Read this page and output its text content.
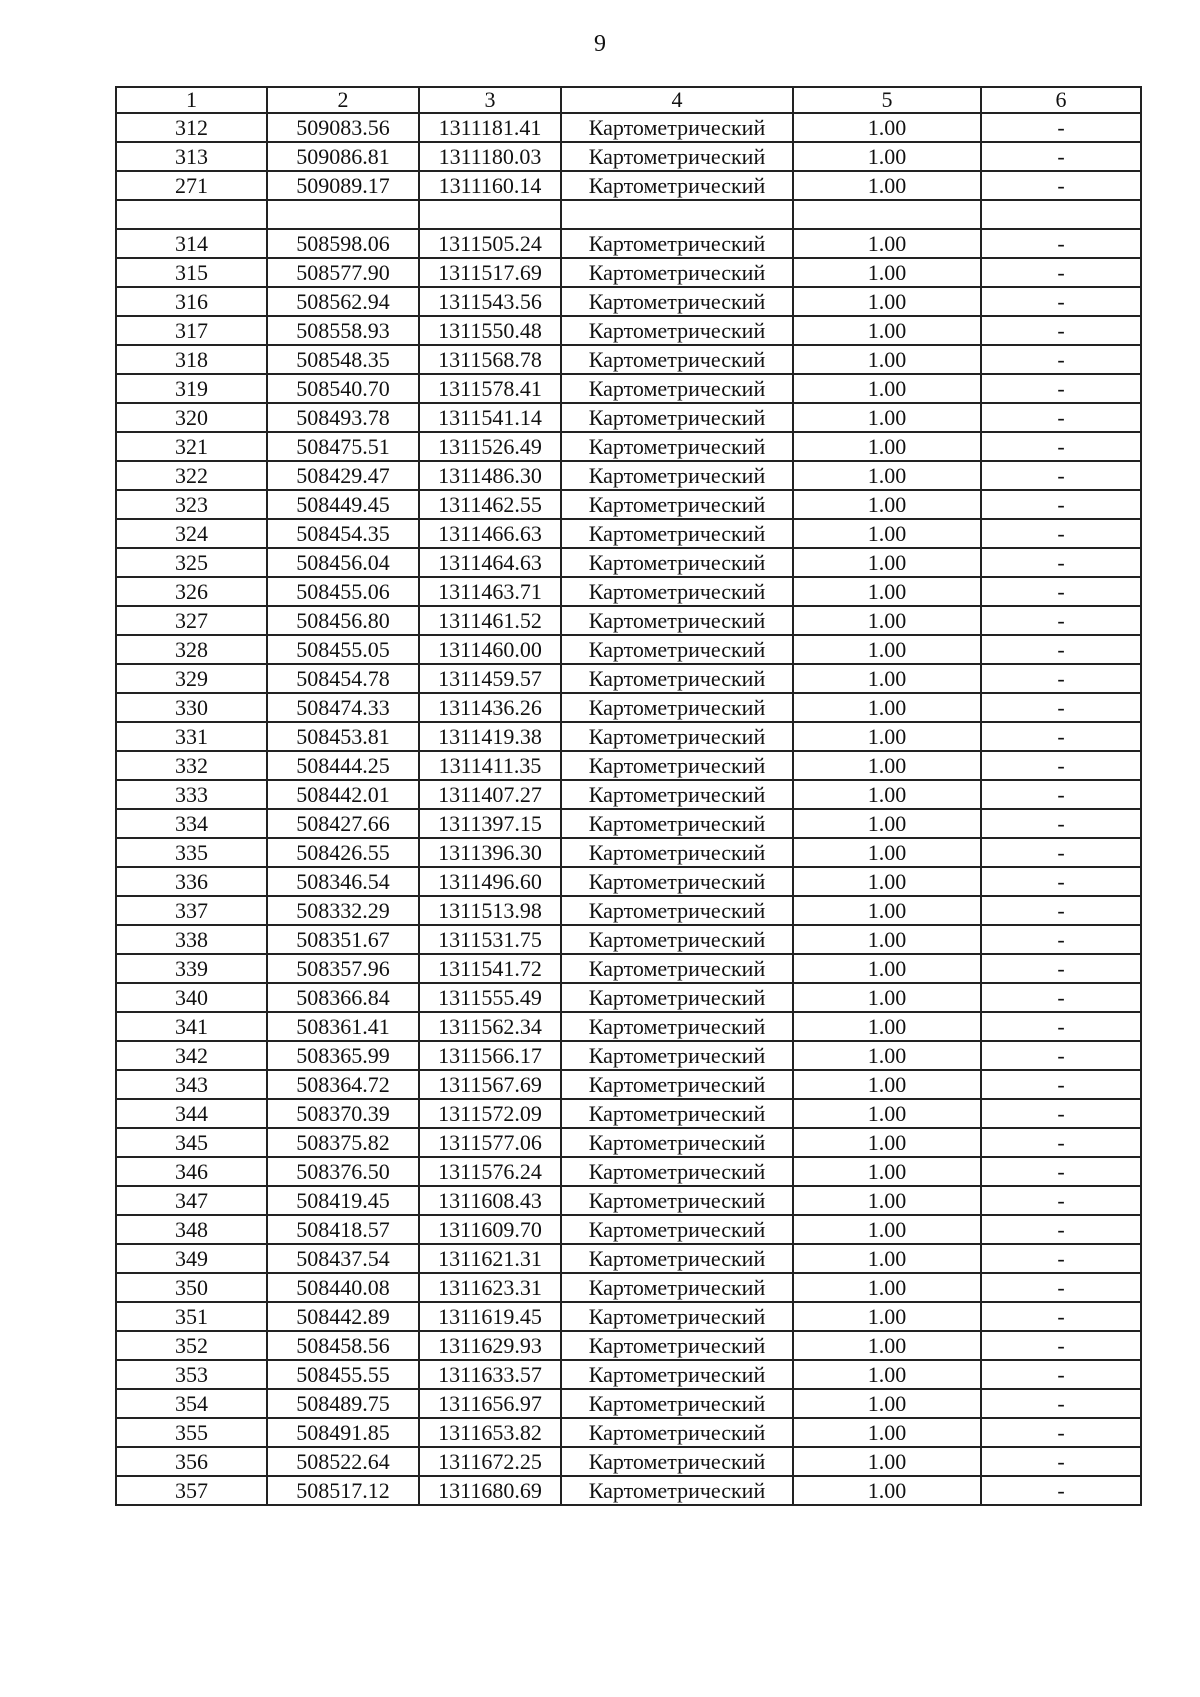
9
1	2	3	4	5	6
312	509083.56	1311181.41	Картометрический	1.00	-
313	509086.81	1311180.03	Картометрический	1.00	-
271	509089.17	1311160.14	Картометрический	1.00	-

314	508598.06	1311505.24	Картометрический	1.00	-
315	508577.90	1311517.69	Картометрический	1.00	-
316	508562.94	1311543.56	Картометрический	1.00	-
317	508558.93	1311550.48	Картометрический	1.00	-
318	508548.35	1311568.78	Картометрический	1.00	-
319	508540.70	1311578.41	Картометрический	1.00	-
320	508493.78	1311541.14	Картометрический	1.00	-
321	508475.51	1311526.49	Картометрический	1.00	-
322	508429.47	1311486.30	Картометрический	1.00	-
323	508449.45	1311462.55	Картометрический	1.00	-
324	508454.35	1311466.63	Картометрический	1.00	-
325	508456.04	1311464.63	Картометрический	1.00	-
326	508455.06	1311463.71	Картометрический	1.00	-
327	508456.80	1311461.52	Картометрический	1.00	-
328	508455.05	1311460.00	Картометрический	1.00	-
329	508454.78	1311459.57	Картометрический	1.00	-
330	508474.33	1311436.26	Картометрический	1.00	-
331	508453.81	1311419.38	Картометрический	1.00	-
332	508444.25	1311411.35	Картометрический	1.00	-
333	508442.01	1311407.27	Картометрический	1.00	-
334	508427.66	1311397.15	Картометрический	1.00	-
335	508426.55	1311396.30	Картометрический	1.00	-
336	508346.54	1311496.60	Картометрический	1.00	-
337	508332.29	1311513.98	Картометрический	1.00	-
338	508351.67	1311531.75	Картометрический	1.00	-
339	508357.96	1311541.72	Картометрический	1.00	-
340	508366.84	1311555.49	Картометрический	1.00	-
341	508361.41	1311562.34	Картометрический	1.00	-
342	508365.99	1311566.17	Картометрический	1.00	-
343	508364.72	1311567.69	Картометрический	1.00	-
344	508370.39	1311572.09	Картометрический	1.00	-
345	508375.82	1311577.06	Картометрический	1.00	-
346	508376.50	1311576.24	Картометрический	1.00	-
347	508419.45	1311608.43	Картометрический	1.00	-
348	508418.57	1311609.70	Картометрический	1.00	-
349	508437.54	1311621.31	Картометрический	1.00	-
350	508440.08	1311623.31	Картометрический	1.00	-
351	508442.89	1311619.45	Картометрический	1.00	-
352	508458.56	1311629.93	Картометрический	1.00	-
353	508455.55	1311633.57	Картометрический	1.00	-
354	508489.75	1311656.97	Картометрический	1.00	-
355	508491.85	1311653.82	Картометрический	1.00	-
356	508522.64	1311672.25	Картометрический	1.00	-
357	508517.12	1311680.69	Картометрический	1.00	-
